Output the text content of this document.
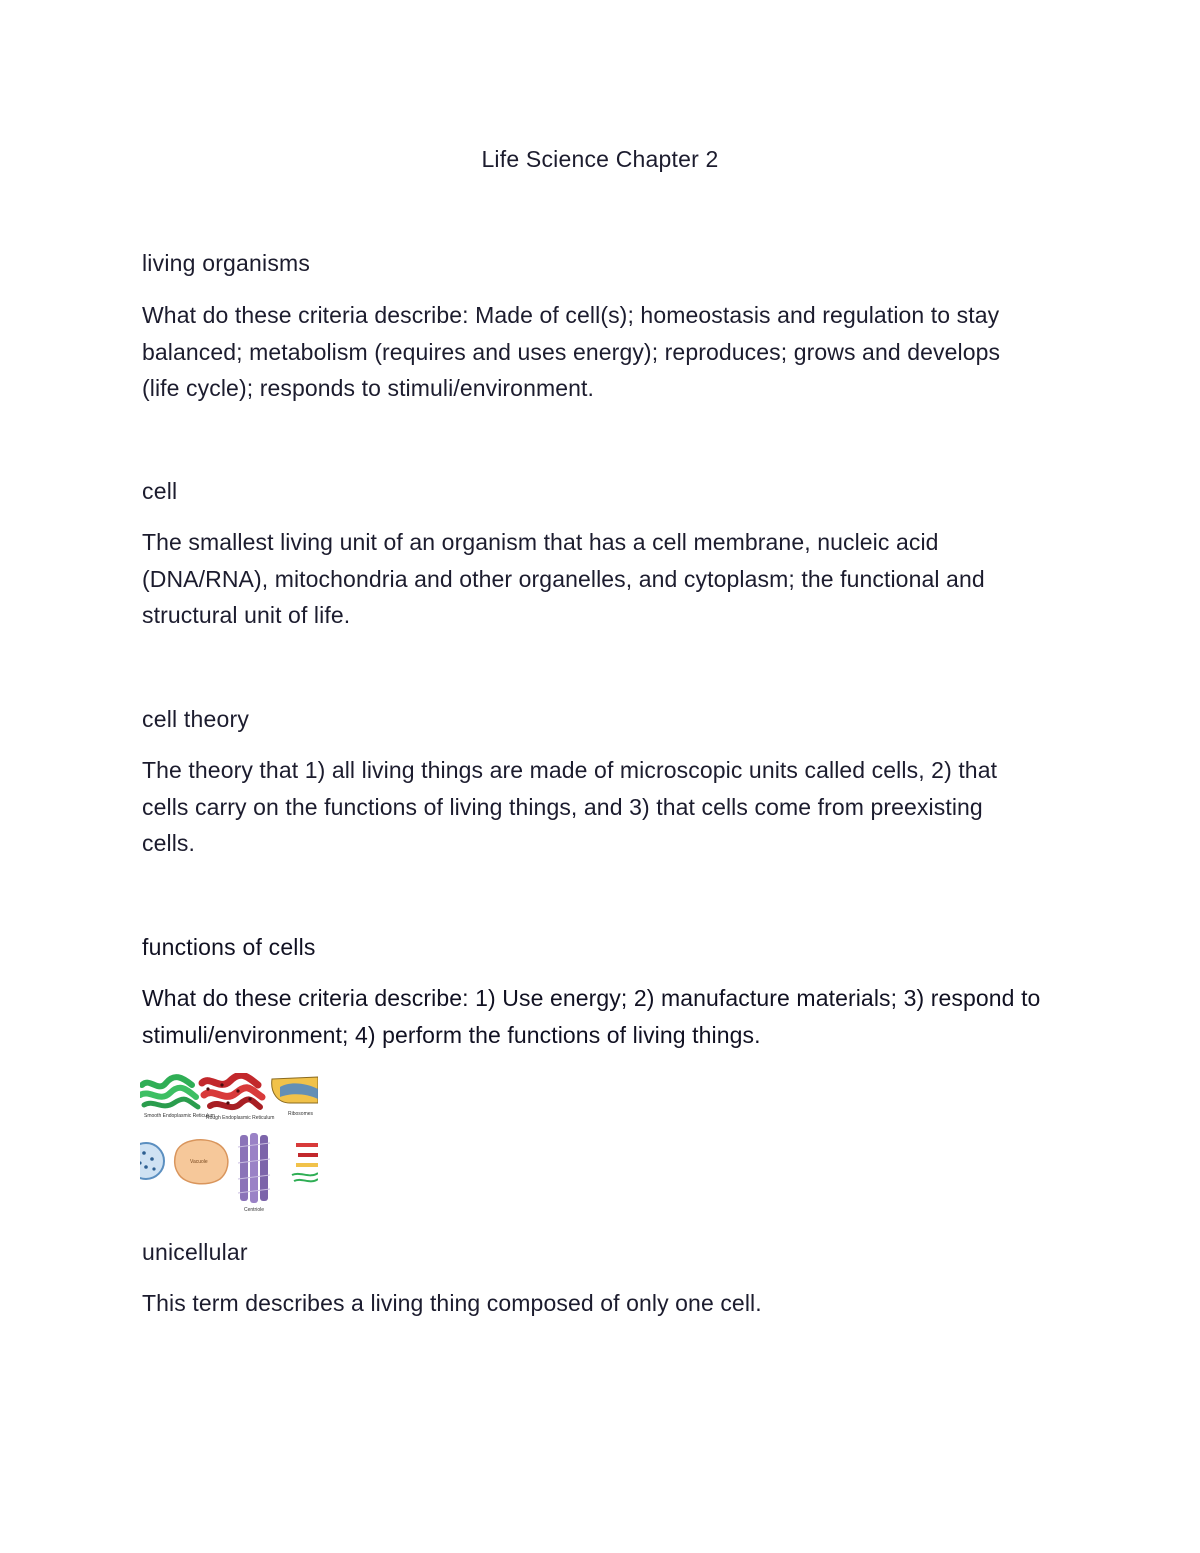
Life Science Chapter 2
living organisms
What do these criteria describe: Made of cell(s); homeostasis and regulation to stay balanced; metabolism (requires and uses energy); reproduces; grows and develops (life cycle); responds to stimuli/environment.
cell
The smallest living unit of an organism that has a cell membrane, nucleic acid (DNA/RNA), mitochondria and other organelles, and cytoplasm; the functional and structural unit of life.
cell theory
The theory that 1) all living things are made of microscopic units called cells, 2) that cells carry on the functions of living things, and 3) that cells come from preexisting cells.
functions of cells
What do these criteria describe: 1) Use energy; 2) manufacture materials; 3) respond to stimuli/environment; 4) perform the functions of living things.
Smooth Endoplasmic Reticulum
Rough Endoplasmic Reticulum
Ribosomes
Vacuole
Centriole
unicellular
This term describes a living thing composed of only one cell.
